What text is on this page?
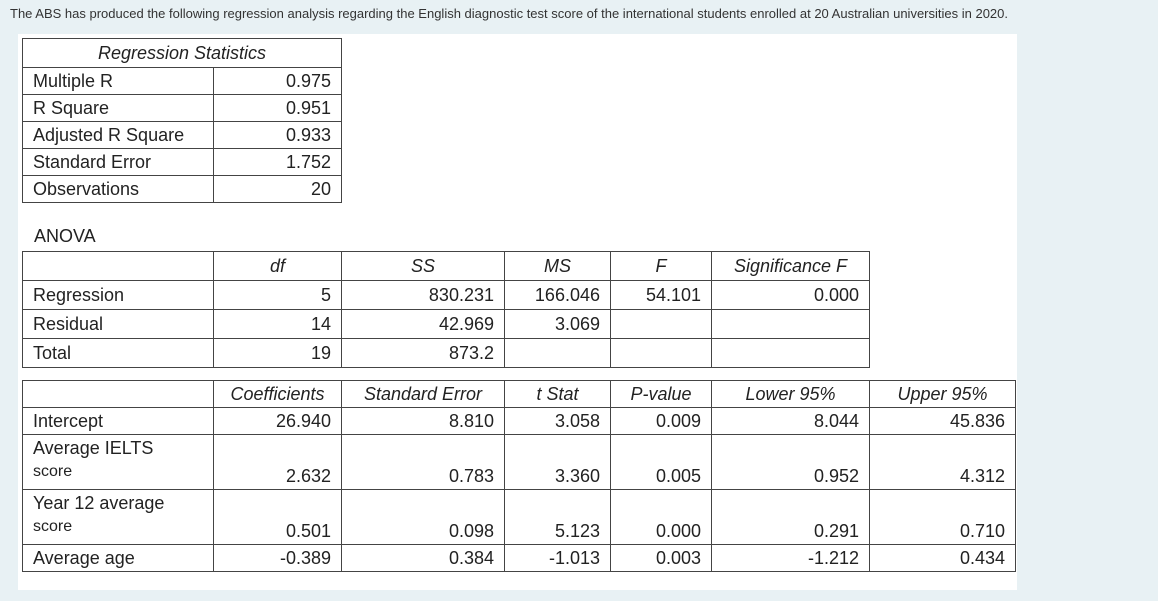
The ABS has produced the following regression analysis regarding the English diagnostic test score of the international students enrolled at 20 Australian universities in 2020.
Regression Statistics	
Multiple R	0.975
R Square	0.951
Adjusted R Square	0.933
Standard Error	1.752
Observations	20
ANOVA
	df	SS	MS	F	Significance F
Regression	5	830.231	166.046	54.101	0.000
Residual	14	42.969	3.069		
Total	19	873.2			
	Coefficients	Standard Error	t Stat	P-value	Lower 95%	Upper 95%
Intercept	26.940	8.810	3.058	0.009	8.044	45.836

Average IELTS
score	2.632	0.783	3.360	0.005	0.952	4.312

Year 12 average
score	0.501	0.098	5.123	0.000	0.291	0.710
Average age	-0.389	0.384	-1.013	0.003	-1.212	0.434
